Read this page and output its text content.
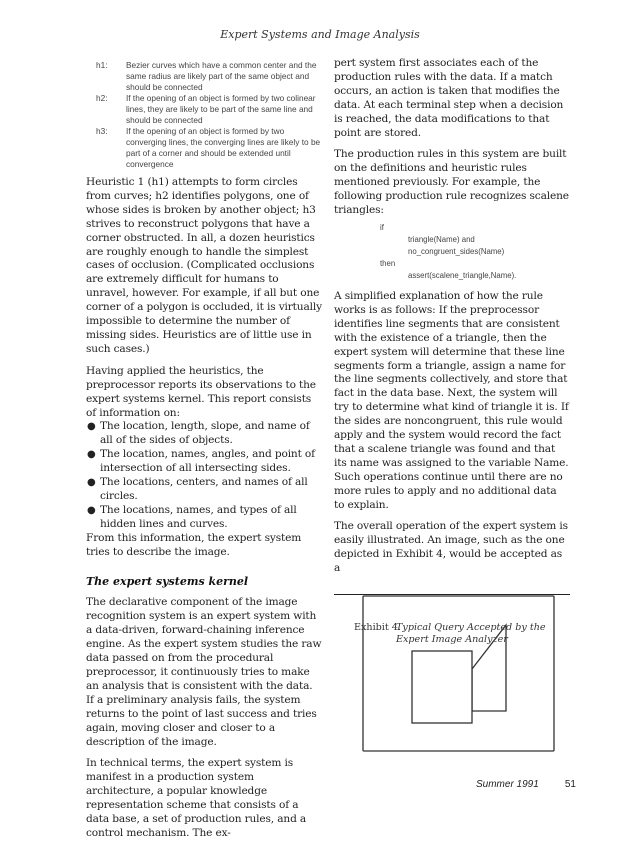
Expert Systems and Image Analysis
h1: Bezier curves which have a common center and the same radius are likely part of the same object and should be connected
h2: If the opening of an object is formed by two colinear lines, they are likely to be part of the same line and should be connected
h3: If the opening of an object is formed by two converging lines, the converging lines are likely to be part of a corner and should be extended until convergence

Heuristic 1 (h1) attempts to form circles from curves; h2 identifies polygons, one of whose sides is broken by another object; h3 strives to reconstruct polygons that have a corner obstructed. In all, a dozen heuristics are roughly enough to handle the simplest cases of occlusion. (Complicated occlusions are extremely difficult for humans to unravel, however. For example, if all but one corner of a polygon is occluded, it is virtually impossible to determine the number of missing sides. Heuristics are of little use in such cases.)

Having applied the heuristics, the preprocessor reports its observations to the expert systems kernel. This report consists of information on:

● The location, length, slope, and name of all of the sides of objects.
● The location, names, angles, and point of intersection of all intersecting sides.
● The locations, centers, and names of all circles.
● The locations, names, and types of all hidden lines and curves.

From this information, the expert system tries to describe the image.

The expert systems kernel

The declarative component of the image recognition system is an expert system with a data-driven, forward-chaining inference engine. As the expert system studies the raw data passed on from the procedural preprocessor, it continuously tries to make an analysis that is consistent with the data. If a preliminary analysis fails, the system returns to the point of last success and tries again, moving closer and closer to a description of the image.

In technical terms, the expert system is manifest in a production system architecture, a popular knowledge representation scheme that consists of a data base, a set of production rules, and a control mechanism. The ex-

pert system first associates each of the production rules with the data. If a match occurs, an action is taken that modifies the data. At each terminal step when a decision is reached, the data modifications to that point are stored.

The production rules in this system are built on the definitions and heuristic rules mentioned previously. For example, the following production rule recognizes scalene triangles:

if
triangle(Name) and
no_congruent_sides(Name)
then
assert(scalene_triangle,Name).

A simplified explanation of how the rule works is as follows: If the preprocessor identifies line segments that are consistent with the existence of a triangle, then the expert system will determine that these line segments form a triangle, assign a name for the line segments collectively, and store that fact in the data base. Next, the system will try to determine what kind of triangle it is. If the sides are noncongruent, this rule would apply and the system would record the fact that a scalene triangle was found and that its name was assigned to the variable Name. Such operations continue until there are no more rules to apply and no additional data to explain.

The overall operation of the expert system is easily illustrated. An image, such as the one depicted in Exhibit 4, would be accepted as a

Exhibit 4.
Typical Query Accepted by the Expert Image Analyzer
Summer 1991	51
